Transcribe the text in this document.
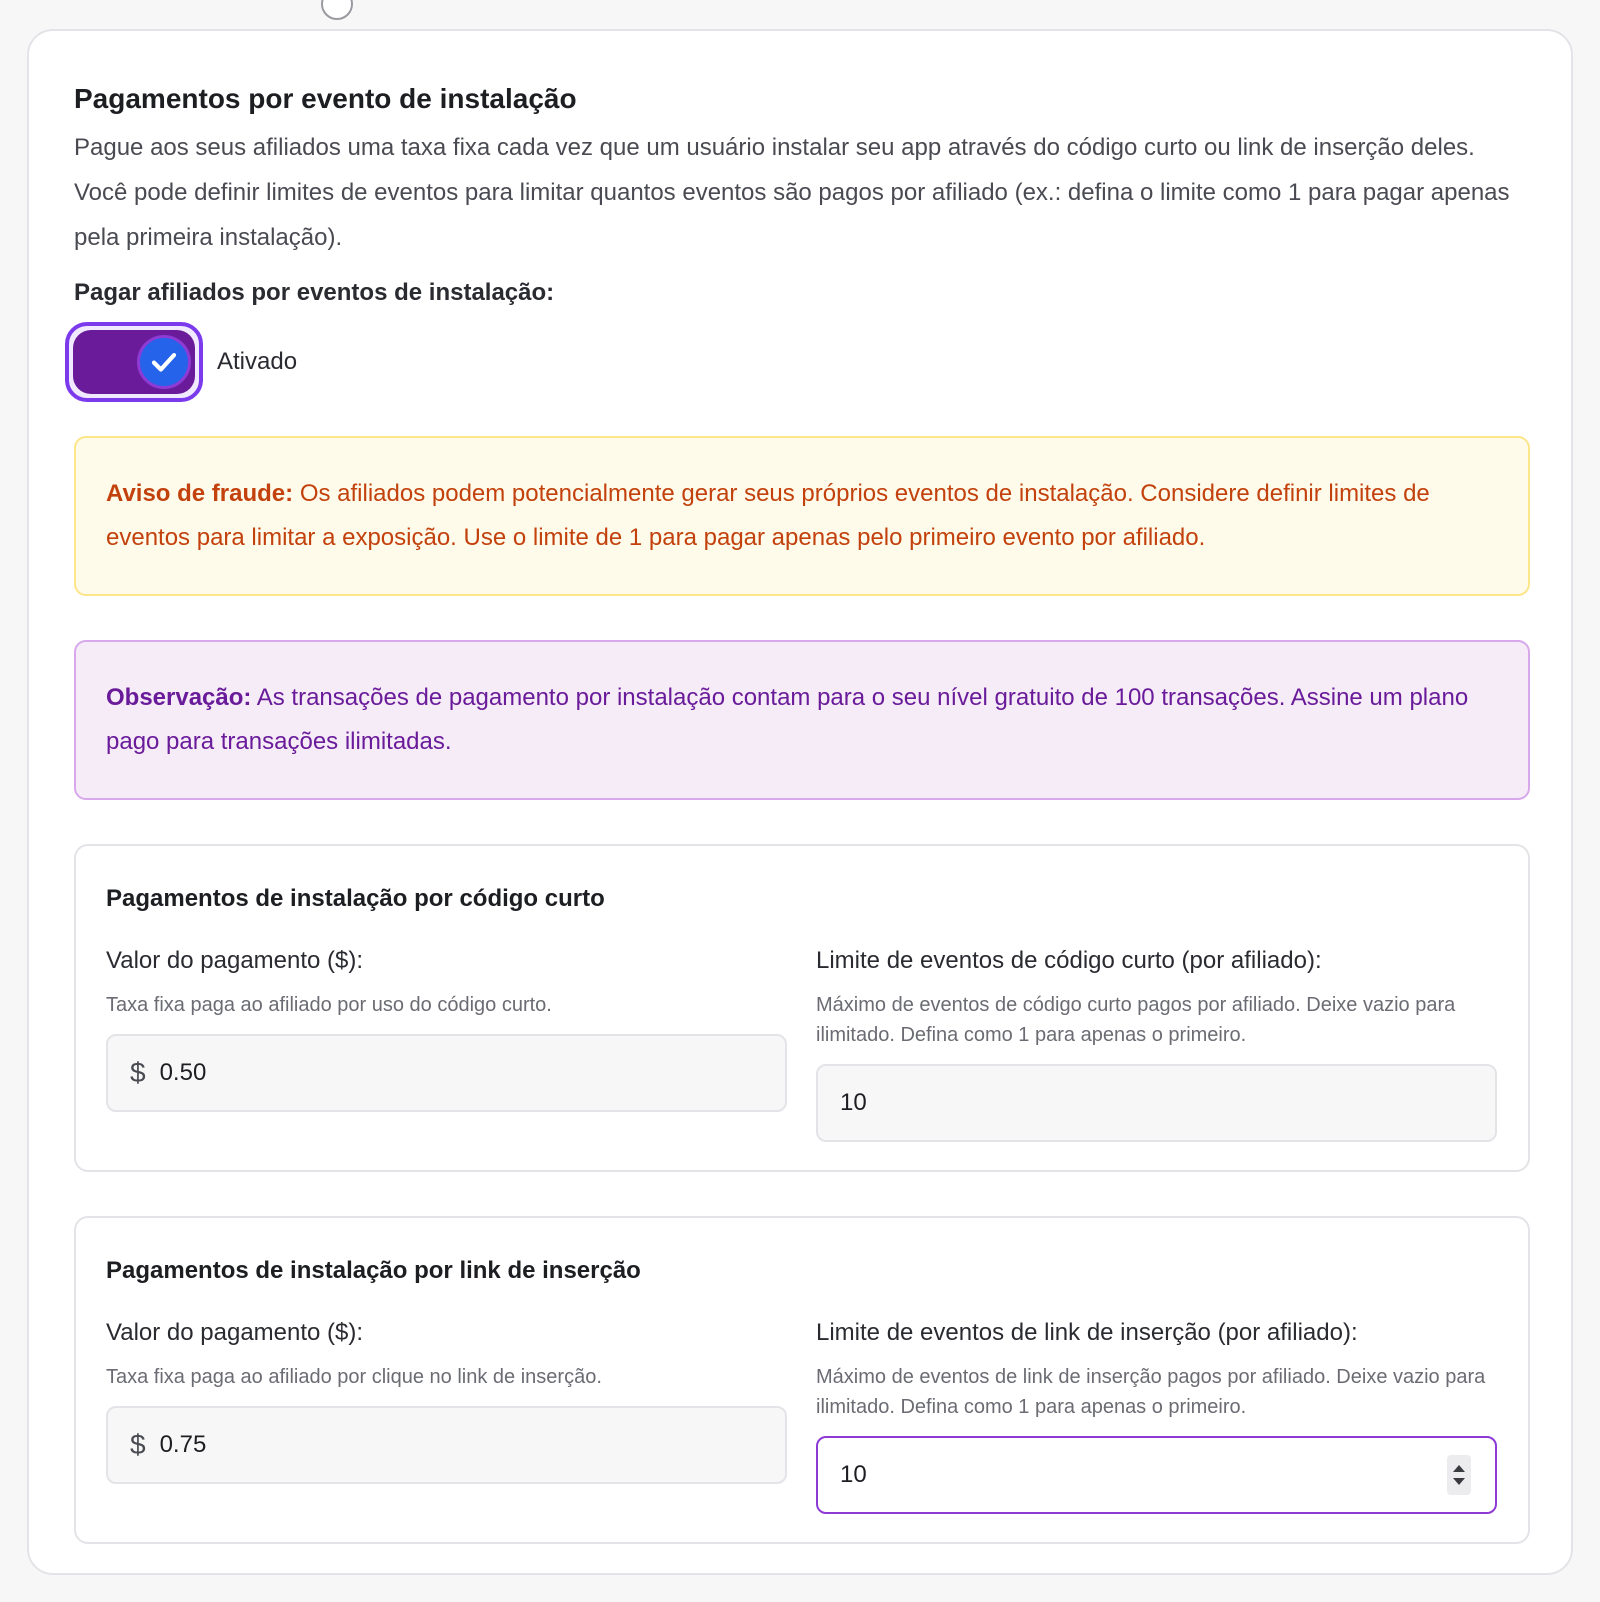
Pagamentos por evento de instalação

Pague aos seus afiliados uma taxa fixa cada vez que um usuário instalar seu app através do código curto ou link de inserção deles. Você pode definir limites de eventos para limitar quantos eventos são pagos por afiliado (ex.: defina o limite como 1 para pagar apenas pela primeira instalação).

Pagar afiliados por eventos de instalação:
Ativado
Aviso de fraude: Os afiliados podem potencialmente gerar seus próprios eventos de instalação. Considere definir limites de eventos para limitar a exposição. Use o limite de 1 para pagar apenas pelo primeiro evento por afiliado.
Observação: As transações de pagamento por instalação contam para o seu nível gratuito de 100 transações. Assine um plano pago para transações ilimitadas.
Pagamentos de instalação por código curto
Valor do pagamento ($):
Taxa fixa paga ao afiliado por uso do código curto.
$ 0.50
Limite de eventos de código curto (por afiliado):
Máximo de eventos de código curto pagos por afiliado. Deixe vazio para ilimitado. Defina como 1 para apenas o primeiro.
10
Pagamentos de instalação por link de inserção
Valor do pagamento ($):
Taxa fixa paga ao afiliado por clique no link de inserção.
$ 0.75
Limite de eventos de link de inserção (por afiliado):
Máximo de eventos de link de inserção pagos por afiliado. Deixe vazio para ilimitado. Defina como 1 para apenas o primeiro.
10
